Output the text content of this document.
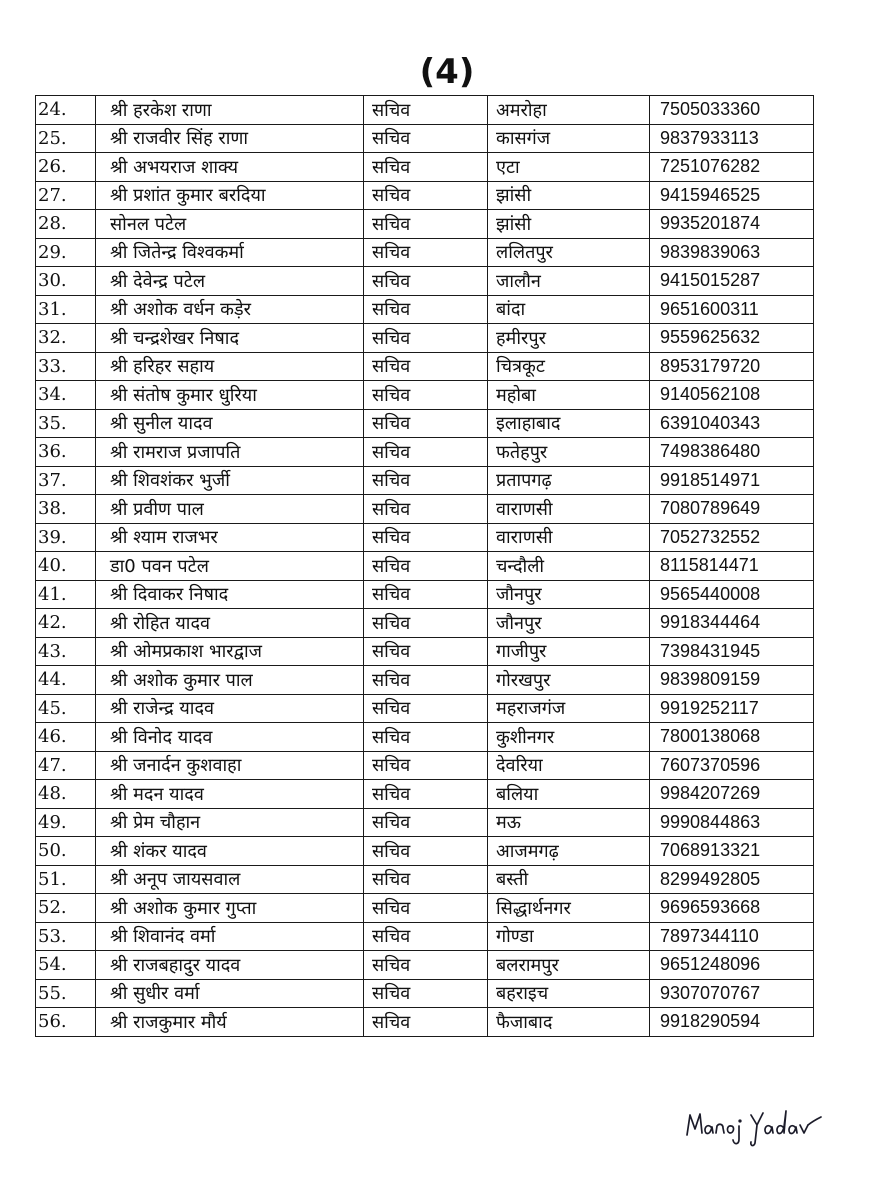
(4)
24.	श्री हरकेश राणा	सचिव	अमरोहा	7505033360
25.	श्री राजवीर सिंह राणा	सचिव	कासगंज	9837933113
26.	श्री अभयराज शाक्य	सचिव	एटा	7251076282
27.	श्री प्रशांत कुमार बरदिया	सचिव	झांसी	9415946525
28.	सोनल पटेल	सचिव	झांसी	9935201874
29.	श्री जितेन्द्र विश्वकर्मा	सचिव	ललितपुर	9839839063
30.	श्री देवेन्द्र पटेल	सचिव	जालौन	9415015287
31.	श्री अशोक वर्धन कड़ेर	सचिव	बांदा	9651600311
32.	श्री चन्द्रशेखर निषाद	सचिव	हमीरपुर	9559625632
33.	श्री हरिहर सहाय	सचिव	चित्रकूट	8953179720
34.	श्री संतोष कुमार धुरिया	सचिव	महोबा	9140562108
35.	श्री सुनील यादव	सचिव	इलाहाबाद	6391040343
36.	श्री रामराज प्रजापति	सचिव	फतेहपुर	7498386480
37.	श्री शिवशंकर भुर्जी	सचिव	प्रतापगढ़	9918514971
38.	श्री प्रवीण पाल	सचिव	वाराणसी	7080789649
39.	श्री श्याम राजभर	सचिव	वाराणसी	7052732552
40.	डा0 पवन पटेल	सचिव	चन्दौली	8115814471
41.	श्री दिवाकर निषाद	सचिव	जौनपुर	9565440008
42.	श्री रोहित यादव	सचिव	जौनपुर	9918344464
43.	श्री ओमप्रकाश भारद्वाज	सचिव	गाजीपुर	7398431945
44.	श्री अशोक कुमार पाल	सचिव	गोरखपुर	9839809159
45.	श्री राजेन्द्र यादव	सचिव	महराजगंज	9919252117
46.	श्री विनोद यादव	सचिव	कुशीनगर	7800138068
47.	श्री जनार्दन कुशवाहा	सचिव	देवरिया	7607370596
48.	श्री मदन यादव	सचिव	बलिया	9984207269
49.	श्री प्रेम चौहान	सचिव	मऊ	9990844863
50.	श्री शंकर यादव	सचिव	आजमगढ़	7068913321
51.	श्री अनूप जायसवाल	सचिव	बस्ती	8299492805
52.	श्री अशोक कुमार गुप्ता	सचिव	सिद्धार्थनगर	9696593668
53.	श्री शिवानंद वर्मा	सचिव	गोण्डा	7897344110
54.	श्री राजबहादुर यादव	सचिव	बलरामपुर	9651248096
55.	श्री सुधीर वर्मा	सचिव	बहराइच	9307070767
56.	श्री राजकुमार मौर्य	सचिव	फैजाबाद	9918290594
